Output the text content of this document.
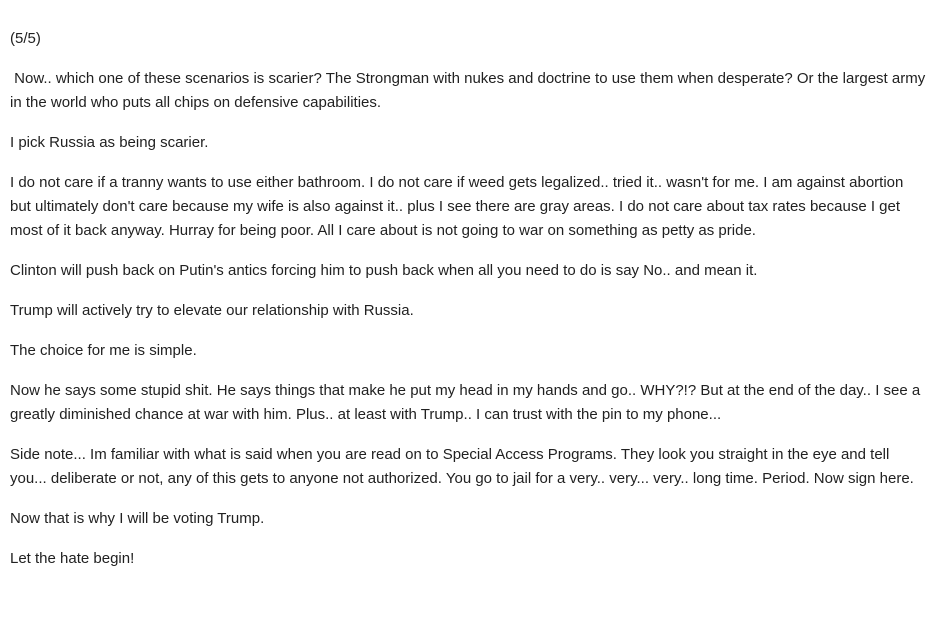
(5/5)

Now.. which one of these scenarios is scarier? The Strongman with nukes and doctrine to use them when desperate? Or the largest army in the world who puts all chips on defensive capabilities.

I pick Russia as being scarier.

I do not care if a tranny wants to use either bathroom. I do not care if weed gets legalized.. tried it.. wasn't for me. I am against abortion but ultimately don't care because my wife is also against it.. plus I see there are gray areas. I do not care about tax rates because I get most of it back anyway. Hurray for being poor. All I care about is not going to war on something as petty as pride.

Clinton will push back on Putin's antics forcing him to push back when all you need to do is say No.. and mean it.

Trump will actively try to elevate our relationship with Russia.

The choice for me is simple.

Now he says some stupid shit. He says things that make he put my head in my hands and go.. WHY?!? But at the end of the day.. I see a greatly diminished chance at war with him. Plus.. at least with Trump.. I can trust with the pin to my phone...

Side note... Im familiar with what is said when you are read on to Special Access Programs. They look you straight in the eye and tell you... deliberate or not, any of this gets to anyone not authorized. You go to jail for a very.. very... very.. long time. Period. Now sign here.

Now that is why I will be voting Trump.

Let the hate begin!
